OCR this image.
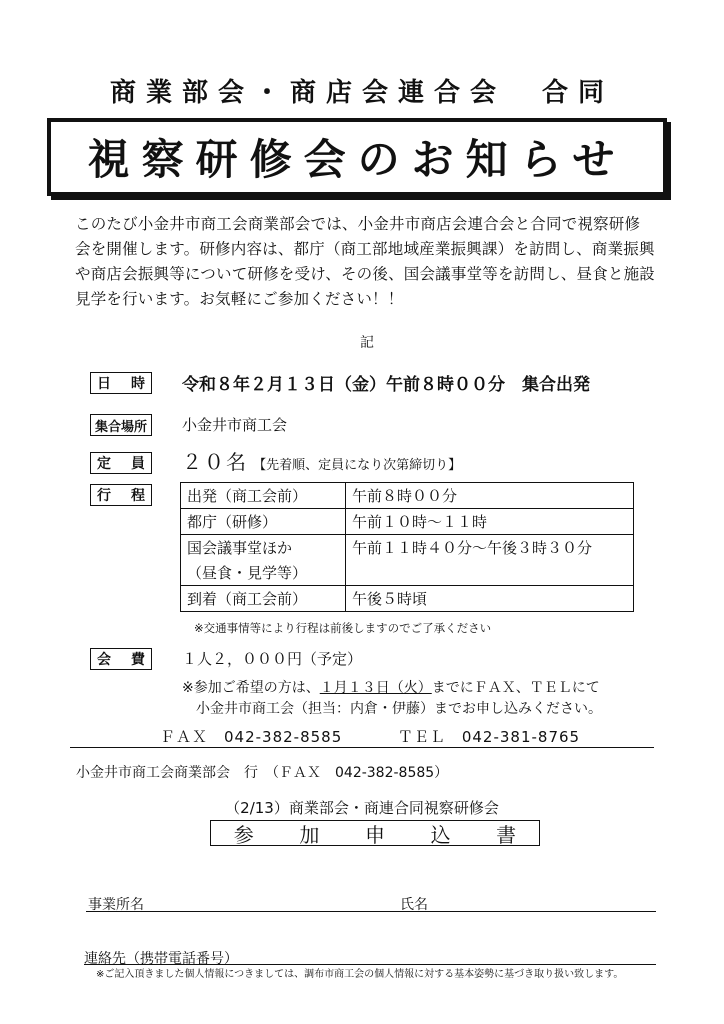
商業部会・商店会連合会　合同
視察研修会のお知らせ
このたび小金井市商工会商業部会では、小金井市商店会連合会と合同で視察研修会を開催します。研修内容は、都庁（商工部地域産業振興課）を訪問し、商業振興や商店会振興等について研修を受け、その後、国会議事堂等を訪問し、昼食と施設見学を行います。お気軽にご参加ください！！
記
日 時 令和８年２月１３日（金）午前８時００分　集合出発
集合場所	小金井市商工会
定 員 ２０名 【先着順、定員になり次第締切り】
行 程	出発（商工会前）	午前８時００分
都庁（研修）	午前１０時～１１時

国会議事堂ほか
（昼食・見学等）	午前１１時４０分～午後３時３０分
到着（商工会前）	午後５時頃
※交通事情等により行程は前後しますのでご了承ください
会 費 １人２，０００円（予定）
※参加ご希望の方は、１月１３日（火）までにＦＡＸ、ＴＥＬにて
小金井市商工会（担当：内倉・伊藤）までお申し込みください。
ＦＡＸ　042-382-8585	ＴＥＬ　042-381-8765
小金井市商工会商業部会　行　（ＦＡＸ　042-382-8585）
（2/13）商業部会・商連合同視察研修会
参 加 申 込 書
事業所名	氏名
連絡先（携帯電話番号）
※ご記入頂きました個人情報につきましては、調布市商工会の個人情報に対する基本姿勢に基づき取り扱い致します。
